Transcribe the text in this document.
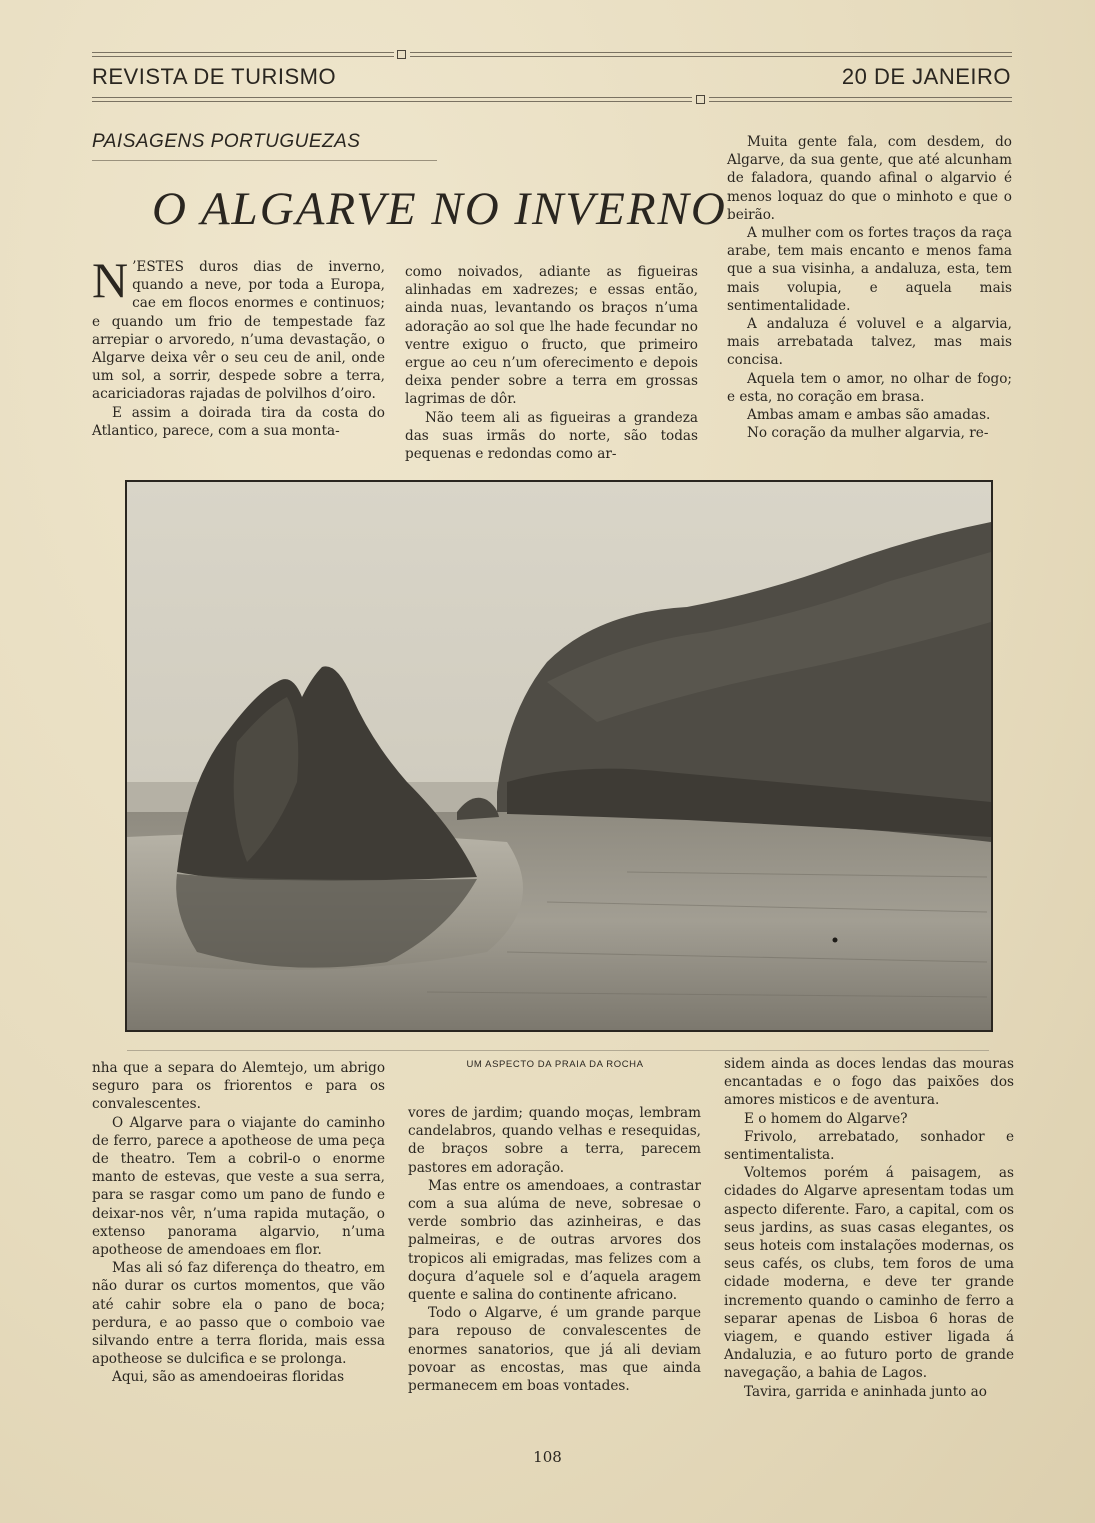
REVISTA DE TURISMO	20 DE JANEIRO
PAISAGENS PORTUGUEZAS
O ALGARVE NO INVERNO

N ’ESTES duros dias de inverno, quando a neve, por toda a Europa, cae em flocos enormes e continuos; e quando um frio de tempestade faz arrepiar o arvoredo, n’uma devastação, o Algarve deixa vêr o seu ceu de anil, onde um sol, a sorrir, despede sobre a terra, acariciadoras rajadas de polvilhos d’oiro.

E assim a doirada tira da costa do Atlantico, parece, com a sua monta-

como noivados, adiante as figueiras alinhadas em xadrezes; e essas então, ainda nuas, levantando os braços n’uma adoração ao sol que lhe hade fecundar no ventre exiguo o fructo, que primeiro ergue ao ceu n’um oferecimento e depois deixa pender sobre a terra em grossas lagrimas de dôr.

Não teem ali as figueiras a grandeza das suas irmãs do norte, são todas pequenas e redondas como ar-

Muita gente fala, com desdem, do Algarve, da sua gente, que até alcunham de faladora, quando afinal o algarvio é menos loquaz do que o minhoto e que o beirão.

A mulher com os fortes traços da raça arabe, tem mais encanto e menos fama que a sua visinha, a andaluza, esta, tem mais volupia, e aquela mais sentimentalidade.

A andaluza é voluvel e a algarvia, mais arrebatada talvez, mas mais concisa.

Aquela tem o amor, no olhar de fogo; e esta, no coração em brasa.

Ambas amam e ambas são amadas.

No coração da mulher algarvia, re-

UM ASPECTO DA PRAIA DA ROCHA

nha que a separa do Alemtejo, um abrigo seguro para os friorentos e para os convalescentes.

O Algarve para o viajante do caminho de ferro, parece a apotheose de uma peça de theatro. Tem a cobril-o o enorme manto de estevas, que veste a sua serra, para se rasgar como um pano de fundo e deixar-nos vêr, n’uma rapida mutação, o extenso panorama algarvio, n’uma apotheose de amendoaes em flor.

Mas ali só faz diferença do theatro, em não durar os curtos momentos, que vão até cahir sobre ela o pano de boca; perdura, e ao passo que o comboio vae silvando entre a terra florida, mais essa apotheose se dulcifica e se prolonga.

Aqui, são as amendoeiras floridas

vores de jardim; quando moças, lembram candelabros, quando velhas e resequidas, de braços sobre a terra, parecem pastores em adoração.

Mas entre os amendoaes, a contrastar com a sua alúma de neve, sobresae o verde sombrio das azinheiras, e das palmeiras, e de outras arvores dos tropicos ali emigradas, mas felizes com a doçura d’aquele sol e d’aquela aragem quente e salina do continente africano.

Todo o Algarve, é um grande parque para repouso de convalescentes de enormes sanatorios, que já ali deviam povoar as encostas, mas que ainda permanecem em boas vontades.

sidem ainda as doces lendas das mouras encantadas e o fogo das paixões dos amores misticos e de aventura.

E o homem do Algarve?

Frivolo, arrebatado, sonhador e sentimentalista.

Voltemos porém á paisagem, as cidades do Algarve apresentam todas um aspecto diferente. Faro, a capital, com os seus jardins, as suas casas elegantes, os seus hoteis com instalações modernas, os seus cafés, os clubs, tem foros de uma cidade moderna, e deve ter grande incremento quando o caminho de ferro a separar apenas de Lisboa 6 horas de viagem, e quando estiver ligada á Andaluzia, e ao futuro porto de grande navegação, a bahia de Lagos.

Tavira, garrida e aninhada junto ao

108
